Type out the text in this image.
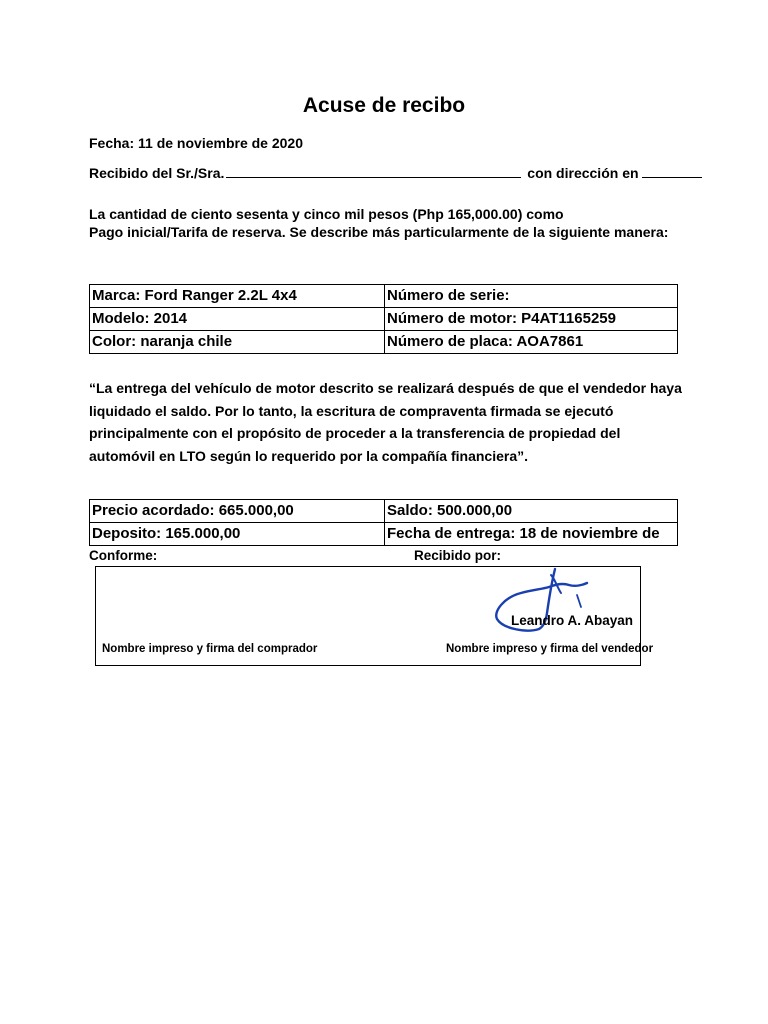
Acuse de recibo
Fecha: 11 de noviembre de 2020
Recibido del Sr./Sra.	con dirección en
La cantidad de ciento sesenta y cinco mil pesos (Php 165,000.00) como
Pago inicial/Tarifa de reserva. Se describe más particularmente de la siguiente manera:
Marca: Ford Ranger 2.2L 4x4	Número de serie:
Modelo: 2014	Número de motor: P4AT1165259
Color: naranja chile	Número de placa: AOA7861
“La entrega del vehículo de motor descrito se realizará después de que el vendedor haya liquidado el saldo. Por lo tanto, la escritura de compraventa firmada se ejecutó principalmente con el propósito de proceder a la transferencia de propiedad del automóvil en LTO según lo requerido por la compañía financiera”.
Precio acordado: 665.000,00	Saldo: 500.000,00
Deposito: 165.000,00	Fecha de entrega: 18 de noviembre de
Conforme:	Recibido por:
Leandro A. Abayan
Nombre impreso y firma del comprador	Nombre impreso y firma del vendedor
